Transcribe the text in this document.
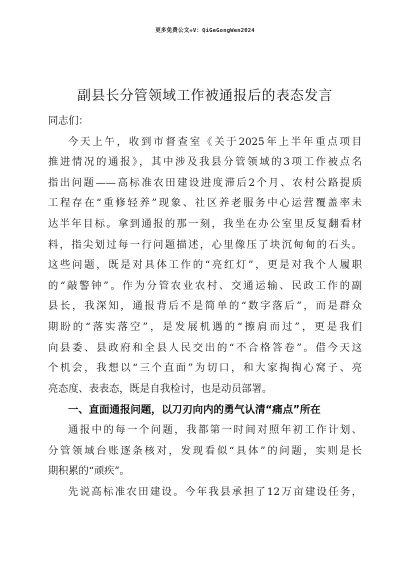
更多免费公文+V：QiGeGongWen2024
副县长分管领域工作被通报后的表态发言
同志们：
今天上午，收到市督查室《关于2025年上半年重点项目
推进情况的通报》，其中涉及我县分管领域的3项工作被点名
指出问题——高标准农田建设进度滞后2个月、农村公路提质
工程存在“重修轻养”现象、社区养老服务中心运营覆盖率未
达半年目标。拿到通报的那一刻，我坐在办公室里反复翻看材
料，指尖划过每一行问题描述，心里像压了块沉甸甸的石头。
这些问题，既是对具体工作的“亮红灯”，更是对我个人履职
的“敲警钟”。作为分管农业农村、交通运输、民政工作的副
县长，我深知，通报背后不是简单的“数字落后”，而是群众
期盼的“落实落空”，是发展机遇的“擦肩而过”，更是我们
向县委、县政府和全县人民交出的“不合格答卷”。借今天这
个机会，我想以“三个直面”为切口，和大家掏掏心窝子、亮
亮态度、表表态，既是自我检讨，也是动员部署。
一、直面通报问题，以刀刃向内的勇气认清“痛点”所在
通报中的每一个问题，我都第一时间对照年初工作计划、
分管领域台账逐条核对，发现看似“具体”的问题，实则是长
期积累的“顽疾”。
先说高标准农田建设。今年我县承担了12万亩建设任务，
